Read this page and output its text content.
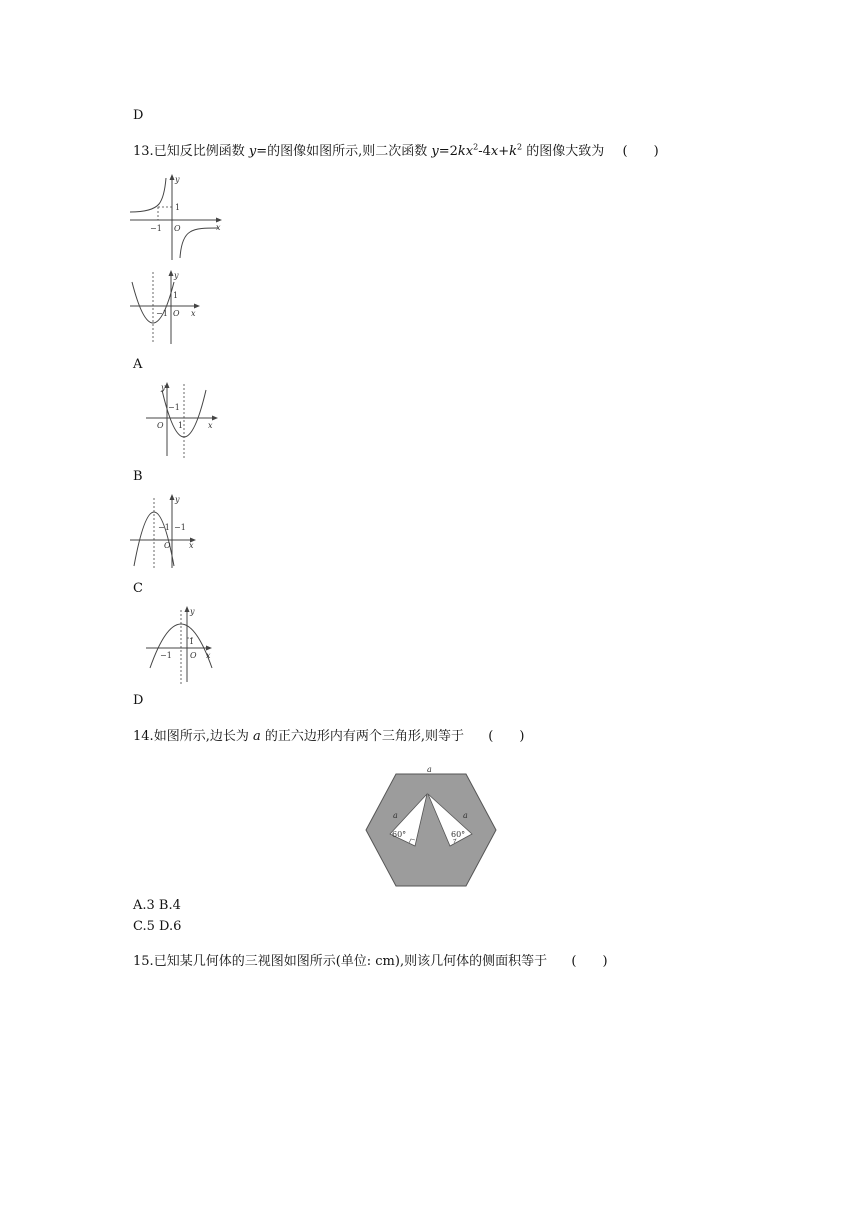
D
13.已知反比例函数 y=的图像如图所示,则二次函数 $y=2kx^2-4x+k^2$ 的图像大致为 (　　)
y
x
1
−1 O
y
x
1
−1 O
A
y
x
−1
1
O
B
y
x
−1 −1
O
C
y
x
−1
1
O
D
14.如图所示,边长为 a 的正六边形内有两个三角形,则等于 (　　)
a
a	a
60°	60°
A.3 B.4
C.5 D.6
15.已知某几何体的三视图如图所示(单位: cm),则该几何体的侧面积等于 (　　)
